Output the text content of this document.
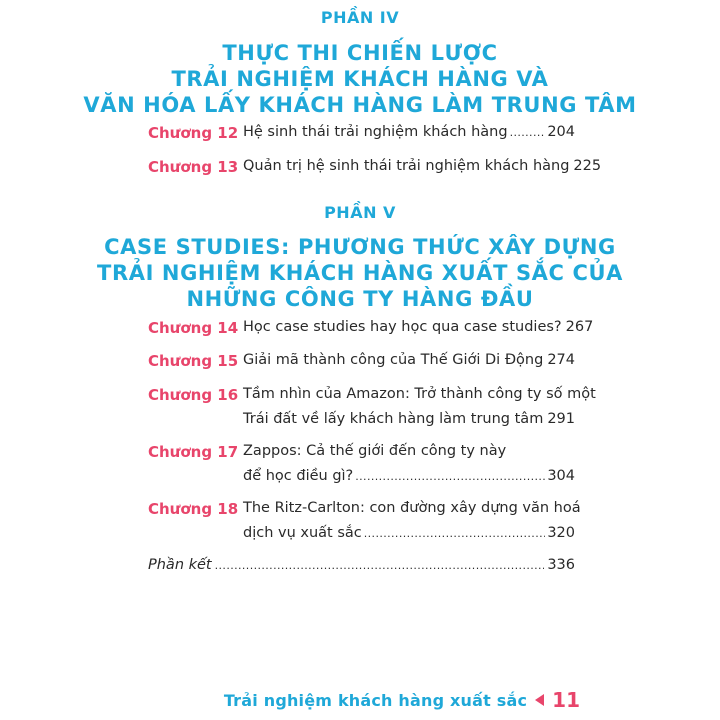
PHẦN IV
THỰC THI CHIẾN LƯỢC
TRẢI NGHIỆM KHÁCH HÀNG VÀ
VĂN HÓA LẤY KHÁCH HÀNG LÀM TRUNG TÂM
Chương 12 Hệ sinh thái trải nghiệm khách hàng .....	204
Chương 13 Quản trị hệ sinh thái trải nghiệm khách hàng 225
PHẦN V
CASE STUDIES: PHƯƠNG THỨC XÂY DỰNG
TRẢI NGHIỆM KHÁCH HÀNG XUẤT SẮC CỦA
NHỮNG CÔNG TY HÀNG ĐẦU
Chương 14 Học case studies hay học qua case studies? 267
Chương 15 Giải mã thành công của Thế Giới Di Động 274
Chương 16 Tầm nhìn của Amazon: Trở thành công ty số một
Trái đất về lấy khách hàng làm trung tâm 291
Chương 17 Zappos: Cả thế giới đến công ty này
để học điều gì? .....	304
Chương 18 The Ritz-Carlton: con đường xây dựng văn hoá
dịch vụ xuất sắc .....	320
Phần kết .....	336
Trải nghiệm khách hàng xuất sắc 11
